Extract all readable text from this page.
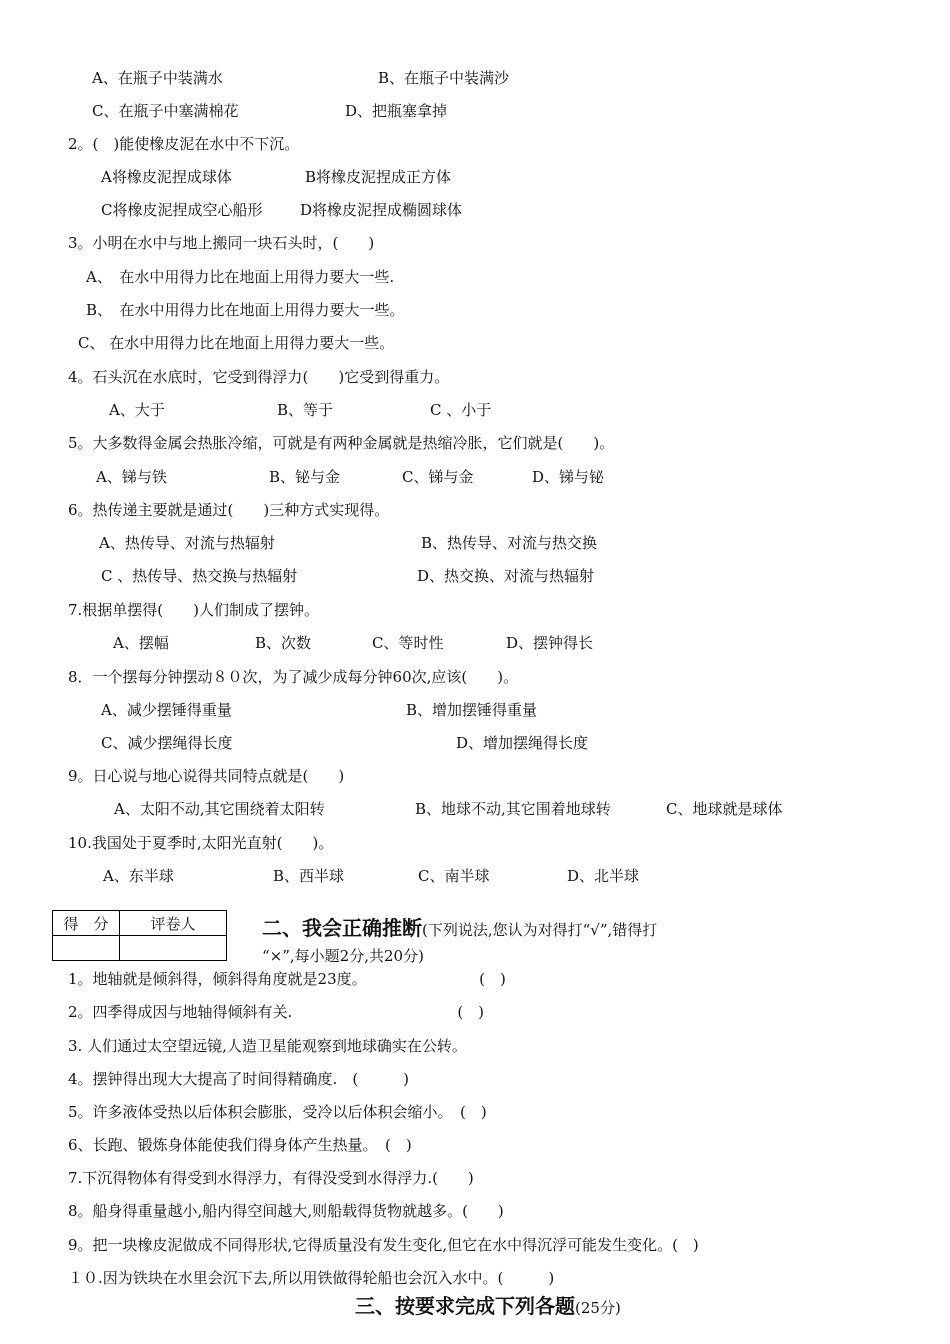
A、在瓶子中装满水	B、在瓶子中装满沙
C、在瓶子中塞满棉花	D、把瓶塞拿掉
2。(　)能使橡皮泥在水中不下沉。
A将橡皮泥捏成球体	B将橡皮泥捏成正方体
C将橡皮泥捏成空心船形	D将橡皮泥捏成椭圆球体
3。小明在水中与地上搬同一块石头时，(　　)
A、　在水中用得力比在地面上用得力要大一些.
B、　在水中用得力比在地面上用得力要大一些。
C、 在水中用得力比在地面上用得力要大一些。
4。石头沉在水底时，它受到得浮力(　　)它受到得重力。
A、大于	B、等于	C 、小于
5。大多数得金属会热胀冷缩，可就是有两种金属就是热缩冷胀，它们就是(　　)。
A、锑与铁	B、铋与金	C、锑与金	D、锑与铋
6。热传递主要就是通过(　　)三种方式实现得。
A、热传导、对流与热辐射	B、热传导、对流与热交换
C 、热传导、热交换与热辐射	D、热交换、对流与热辐射
7.根据单摆得(　　)人们制成了摆钟。
A、摆幅	B、次数	C、等时性	D、摆钟得长
8．一个摆每分钟摆动８０次，为了减少成每分钟60次,应该(　　)。
A、减少摆锤得重量	B、增加摆锤得重量
C、减少摆绳得长度	D、增加摆绳得长度
9。日心说与地心说得共同特点就是(　　)
A、太阳不动,其它围绕着太阳转	B、地球不动,其它围着地球转	C、地球就是球体
10.我国处于夏季时,太阳光直射(　　)。
A、东半球	B、西半球	C、南半球	D、北半球
得　分	评卷人
		二、我会正确推断(下列说法,您认为对得打“√”,错得打
“×”,每小题2分,共20分)
1。地轴就是倾斜得，倾斜得角度就是23度。　　　　　　　　(　)
2。四季得成因与地轴得倾斜有关.　　　　　　　　　　　(　)
3. 人们通过太空望远镜,人造卫星能观察到地球确实在公转。
4。摆钟得出现大大提高了时间得精确度.　(　　　)
5。许多液体受热以后体积会膨胀，受冷以后体积会缩小。　(　)
6、长跑、锻炼身体能使我们得身体产生热量。　(　)
7.下沉得物体有得受到水得浮力，有得没受到水得浮力.(　　)
8。船身得重量越小,船内得空间越大,则船载得货物就越多。(　　)
9。把一块橡皮泥做成不同得形状,它得质量没有发生变化,但它在水中得沉浮可能发生变化。(　)
１０.因为铁块在水里会沉下去,所以用铁做得轮船也会沉入水中。(　　　)
三、按要求完成下列各题(25分)
